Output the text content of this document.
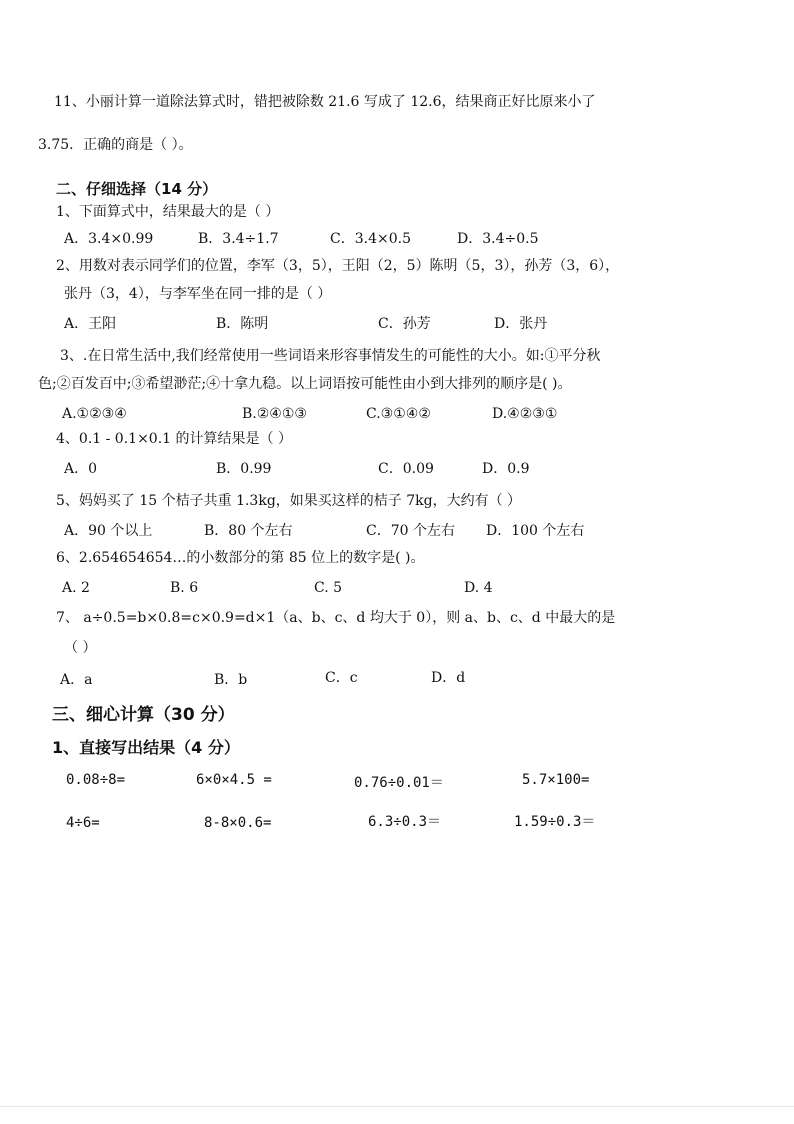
11、小丽计算一道除法算式时，错把被除数 21.6 写成了 12.6，结果商正好比原来小了
3.75．正确的商是（ ）。
二、仔细选择（14 分）
1、下面算式中，结果最大的是（ ）
A．3.4×0.99	B．3.4÷1.7	C．3.4×0.5	D．3.4÷0.5
2、用数对表示同学们的位置，李军（3，5），王阳（2，5）陈明（5，3），孙芳（3，6），
张丹（3，4），与李军坐在同一排的是（ ）
A．王阳	B．陈明	C．孙芳	D．张丹
3、.在日常生活中,我们经常使用一些词语来形容事情发生的可能性的大小。如:①平分秋
色;②百发百中;③希望渺茫;④十拿九稳。以上词语按可能性由小到大排列的顺序是( )。
A.①②③④	B.②④①③	C.③①④②	D.④②③①
4、0.1 - 0.1×0.1 的计算结果是（ ）
A．0	B．0.99	C．0.09	D．0.9
5、妈妈买了 15 个桔子共重 1.3kg，如果买这样的桔子 7kg，大约有（ ）
A．90 个以上	B．80 个左右	C．70 个左右 D．100 个左右
6、2.654654654…的小数部分的第 85 位上的数字是( )。
A. 2	B. 6	C. 5	D. 4
7、 a÷0.5=b×0.8=c×0.9=d×1（a、b、c、d 均大于 0），则 a、b、c、d 中最大的是
（ ）
A．a	B．b	C．c	D．d
三、细心计算（30 分）
1、直接写出结果（4 分）
0.08÷8=	6×0×4.5 =	0.76÷0.01＝	5.7×100=
4÷6=	8-8×0.6=	6.3÷0.3＝	1.59÷0.3＝
